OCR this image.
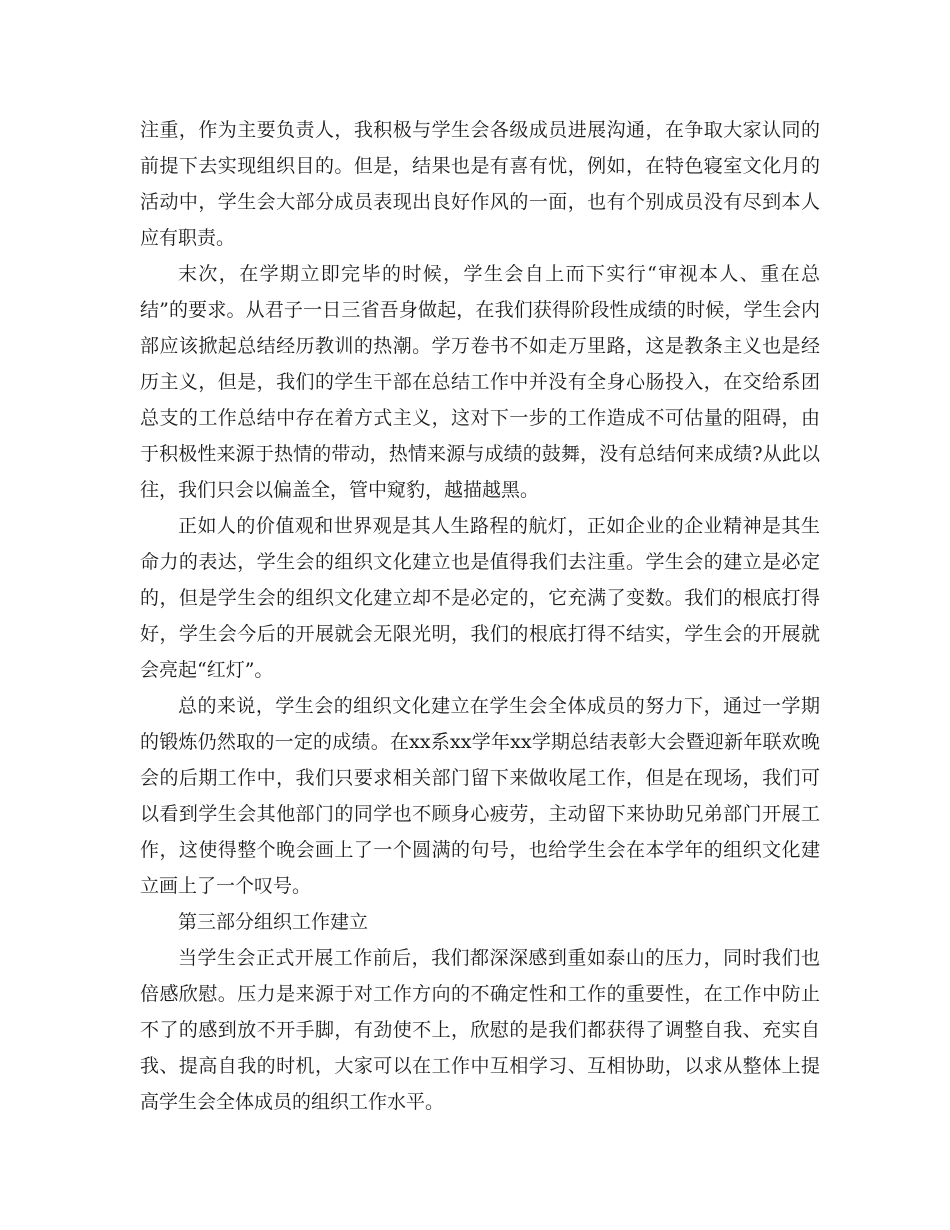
注重，作为主要负责人，我积极与学生会各级成员进展沟通，在争取大家认同的前提下去实现组织目的。但是，结果也是有喜有忧，例如，在特色寝室文化月的活动中，学生会大部分成员表现出良好作风的一面，也有个别成员没有尽到本人应有职责。

末次，在学期立即完毕的时候，学生会自上而下实行“审视本人、重在总结”的要求。从君子一日三省吾身做起，在我们获得阶段性成绩的时候，学生会内部应该掀起总结经历教训的热潮。学万卷书不如走万里路，这是教条主义也是经历主义，但是，我们的学生干部在总结工作中并没有全身心肠投入，在交给系团总支的工作总结中存在着方式主义，这对下一步的工作造成不可估量的阻碍，由于积极性来源于热情的带动，热情来源与成绩的鼓舞，没有总结何来成绩?从此以往，我们只会以偏盖全，管中窥豹，越描越黑。

正如人的价值观和世界观是其人生路程的航灯，正如企业的企业精神是其生命力的表达，学生会的组织文化建立也是值得我们去注重。学生会的建立是必定的，但是学生会的组织文化建立却不是必定的，它充满了变数。我们的根底打得好，学生会今后的开展就会无限光明，我们的根底打得不结实，学生会的开展就会亮起“红灯”。

总的来说，学生会的组织文化建立在学生会全体成员的努力下，通过一学期的锻炼仍然取的一定的成绩。在xx系xx学年xx学期总结表彰大会暨迎新年联欢晚会的后期工作中，我们只要求相关部门留下来做收尾工作，但是在现场，我们可以看到学生会其他部门的同学也不顾身心疲劳，主动留下来协助兄弟部门开展工作，这使得整个晚会画上了一个圆满的句号，也给学生会在本学年的组织文化建立画上了一个叹号。

第三部分组织工作建立

当学生会正式开展工作前后，我们都深深感到重如泰山的压力，同时我们也倍感欣慰。压力是来源于对工作方向的不确定性和工作的重要性，在工作中防止不了的感到放不开手脚，有劲使不上，欣慰的是我们都获得了调整自我、充实自我、提高自我的时机，大家可以在工作中互相学习、互相协助，以求从整体上提高学生会全体成员的组织工作水平。
